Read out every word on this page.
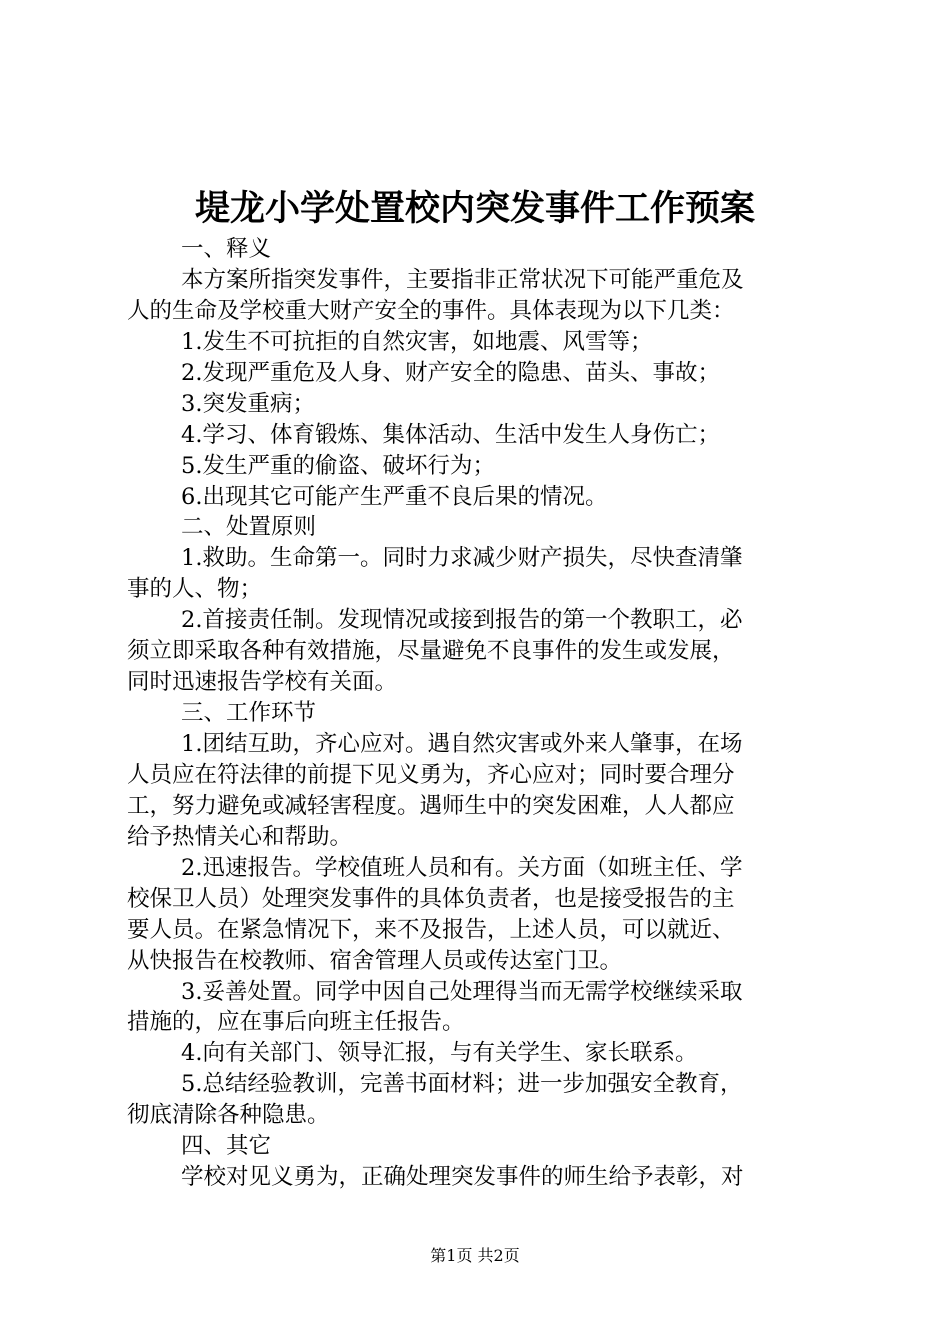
堤龙小学处置校内突发事件工作预案
一、释义
本方案所指突发事件，主要指非正常状况下可能严重危及
人的生命及学校重大财产安全的事件。具体表现为以下几类：
1.发生不可抗拒的自然灾害，如地震、风雪等；
2.发现严重危及人身、财产安全的隐患、苗头、事故；
3.突发重病；
4.学习、体育锻炼、集体活动、生活中发生人身伤亡；
5.发生严重的偷盗、破坏行为；
6.出现其它可能产生严重不良后果的情况。
二、处置原则
1.救助。生命第一。同时力求减少财产损失，尽快查清肇
事的人、物；
2.首接责任制。发现情况或接到报告的第一个教职工，必
须立即采取各种有效措施，尽量避免不良事件的发生或发展，
同时迅速报告学校有关面。
三、工作环节
1.团结互助，齐心应对。遇自然灾害或外来人肇事，在场
人员应在符法律的前提下见义勇为，齐心应对；同时要合理分
工，努力避免或减轻害程度。遇师生中的突发困难，人人都应
给予热情关心和帮助。
2.迅速报告。学校值班人员和有。关方面（如班主任、学
校保卫人员）处理突发事件的具体负责者，也是接受报告的主
要人员。在紧急情况下，来不及报告，上述人员，可以就近、
从快报告在校教师、宿舍管理人员或传达室门卫。
3.妥善处置。同学中因自己处理得当而无需学校继续采取
措施的，应在事后向班主任报告。
4.向有关部门、领导汇报，与有关学生、家长联系。
5.总结经验教训，完善书面材料；进一步加强安全教育，
彻底清除各种隐患。
四、其它
学校对见义勇为，正确处理突发事件的师生给予表彰，对
第1页 共2页
